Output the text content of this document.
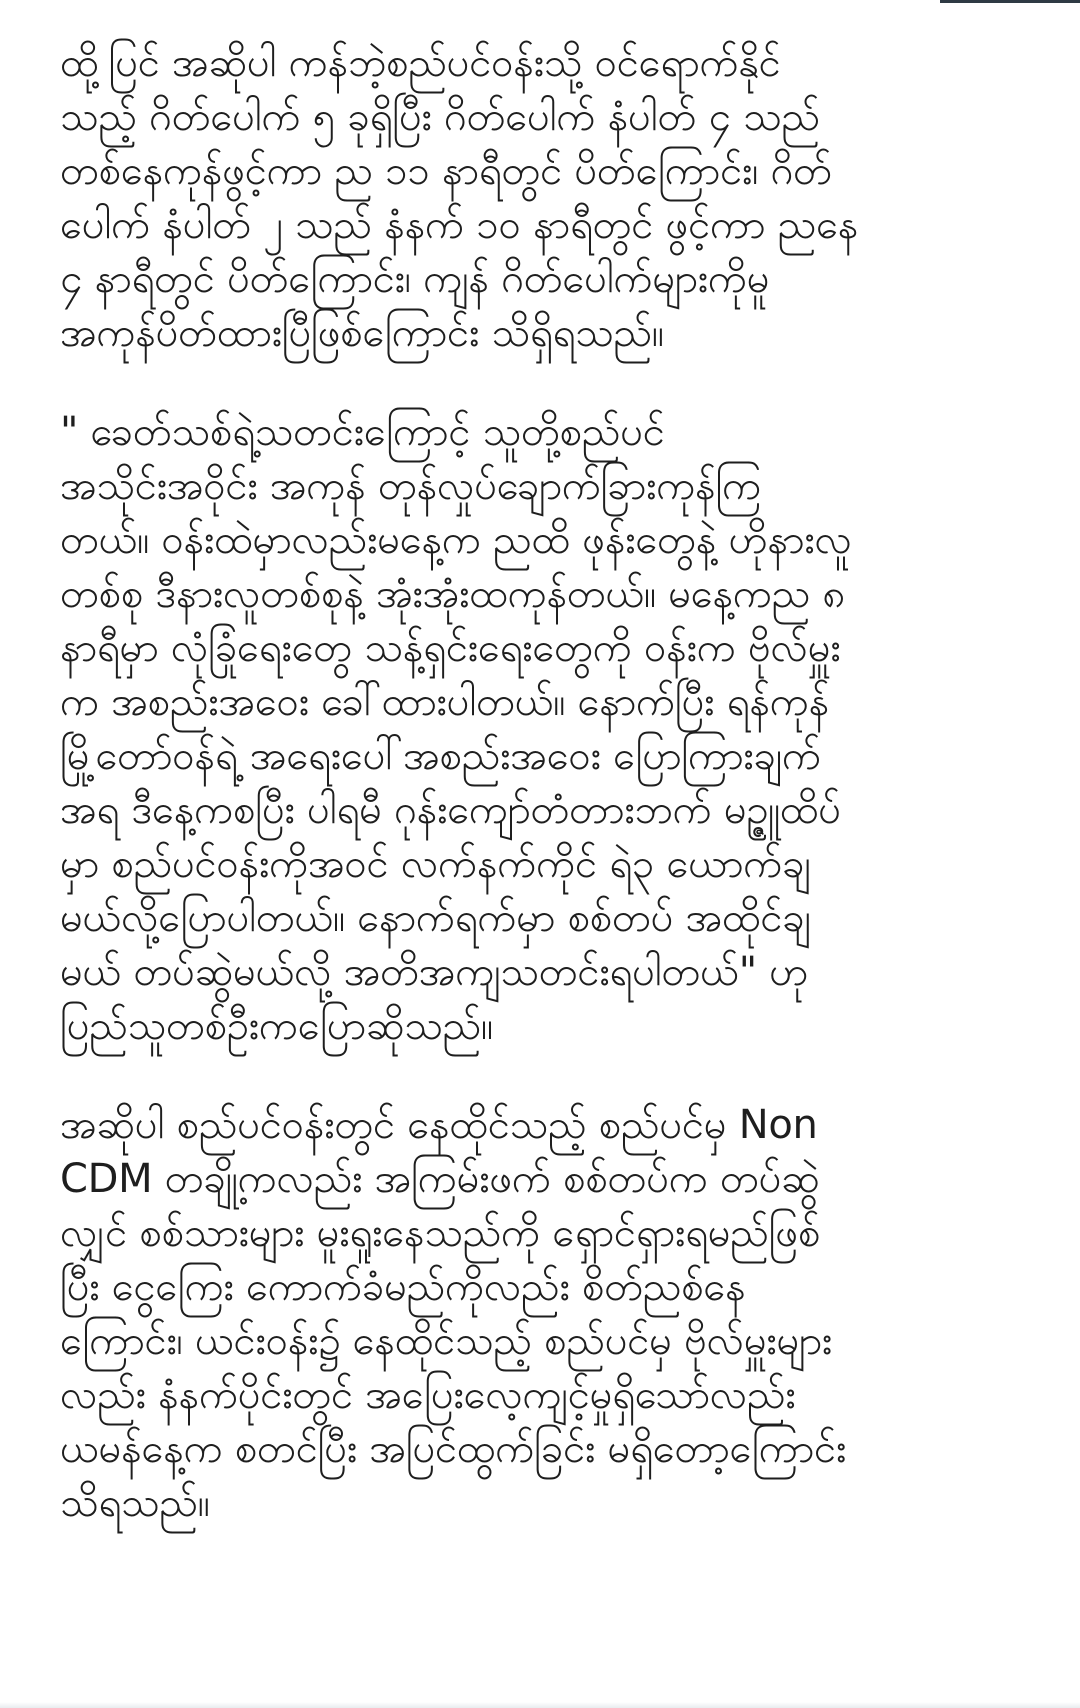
ထို့ပြင် အဆိုပါ ကန်ဘဲ့စည်ပင်ဝန်းသို့ ဝင်ရောက်နိုင်
သည့် ဂိတ်ပေါက် ၅ ခုရှိပြီး ဂိတ်ပေါက် နံပါတ် ၄ သည်
တစ်နေကုန်ဖွင့်ကာ ည ၁၁ နာရီတွင် ပိတ်ကြောင်း၊ ဂိတ်
ပေါက် နံပါတ် ၂ သည် နံနက် ၁၀ နာရီတွင် ဖွင့်ကာ ညနေ
၄ နာရီတွင် ပိတ်ကြောင်း၊ ကျန် ဂိတ်ပေါက်များကိုမူ
အကုန်ပိတ်ထားပြီဖြစ်ကြောင်း သိရှိရသည်။
" ခေတ်သစ်ရဲ့သတင်းကြောင့် သူတို့စည်ပင်
အသိုင်းအဝိုင်း အကုန် တုန်လှုပ်ချောက်ခြားကုန်ကြ
တယ်။ ဝန်းထဲမှာလည်းမနေ့က ညထိ ဖုန်းတွေနဲ့ ဟိုနားလူ
တစ်စု ဒီနားလူတစ်စုနဲ့ အုံးအုံးထကုန်တယ်။ မနေ့ကည ၈
နာရီမှာ လုံခြုံရေးတွေ သန့်ရှင်းရေးတွေကို ဝန်းက ဗိုလ်မှူး
က အစည်းအဝေး ခေါ်ထားပါတယ်။ နောက်ပြီး ရန်ကုန်
မြို့တော်ဝန်ရဲ့ အရေးပေါ်အစည်းအဝေး ပြောကြားချက်
အရ ဒီနေ့ကစပြီး ပါရမီ ဂုန်းကျော်တံတားဘက် မဥ္ဇူထိပ်
မှာ စည်ပင်ဝန်းကိုအဝင် လက်နက်ကိုင် ရဲ၃ ယောက်ချ
မယ်လို့ပြောပါတယ်။ နောက်ရက်မှာ စစ်တပ် အထိုင်ချ
မယ် တပ်ဆွဲမယ်လို့ အတိအကျသတင်းရပါတယ်" ဟု
ပြည်သူတစ်ဦးကပြောဆိုသည်။
အဆိုပါ စည်ပင်ဝန်းတွင် နေထိုင်သည့် စည်ပင်မှ Non
CDM တချို့ကလည်း အကြမ်းဖက် စစ်တပ်က တပ်ဆွဲ
လျှင် စစ်သားများ မူးရူးနေသည်ကို ရှောင်ရှားရမည်ဖြစ်
ပြီး ငွေကြေး ကောက်ခံမည်ကိုလည်း စိတ်ညစ်နေ
ကြောင်း၊ ယင်းဝန်း၌ နေထိုင်သည့် စည်ပင်မှ ဗိုလ်မှူးများ
လည်း နံနက်ပိုင်းတွင် အပြေးလေ့ကျင့်မှုရှိသော်လည်း
ယမန်နေ့က စတင်ပြီး အပြင်ထွက်ခြင်း မရှိတော့ကြောင်း
သိရသည်။
